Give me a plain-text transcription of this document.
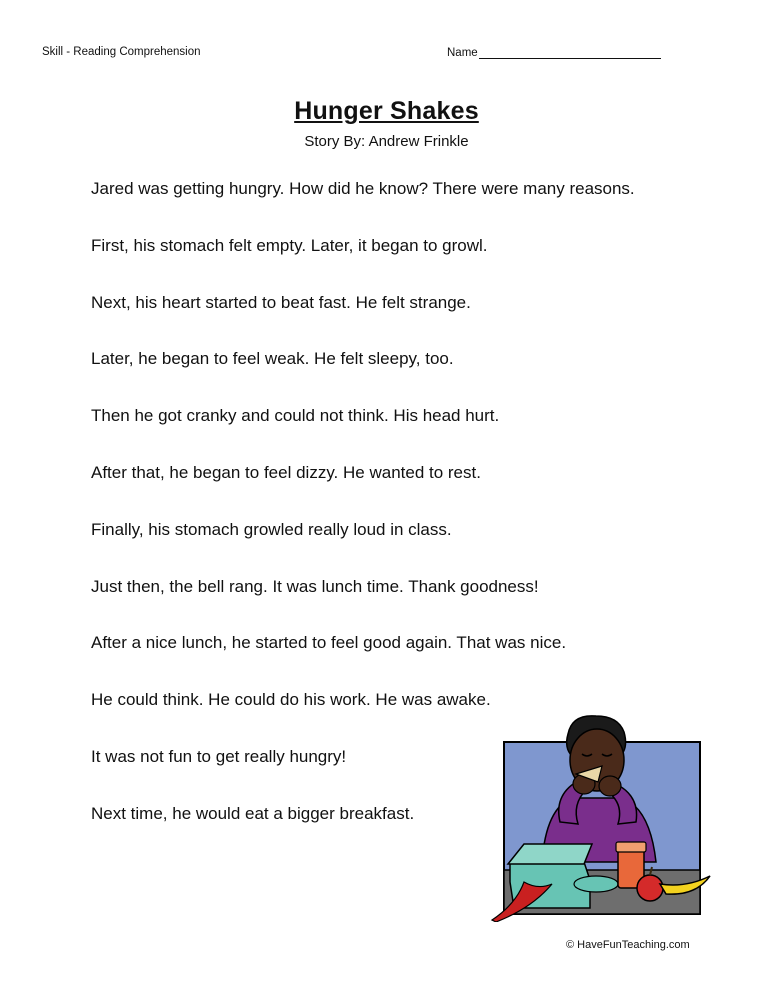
Skill - Reading Comprehension	Name
Hunger Shakes
Story By: Andrew Frinkle

Jared was getting hungry. How did he know? There were many reasons.

First, his stomach felt empty. Later, it began to growl.

Next, his heart started to beat fast. He felt strange.

Later, he began to feel weak. He felt sleepy, too.

Then he got cranky and could not think. His head hurt.

After that, he began to feel dizzy. He wanted to rest.

Finally, his stomach growled really loud in class.

Just then, the bell rang. It was lunch time. Thank goodness!

After a nice lunch, he started to feel good again. That was nice.

He could think. He could do his work. He was awake.

It was not fun to get really hungry!

Next time, he would eat a bigger breakfast.

© HaveFunTeaching.com
